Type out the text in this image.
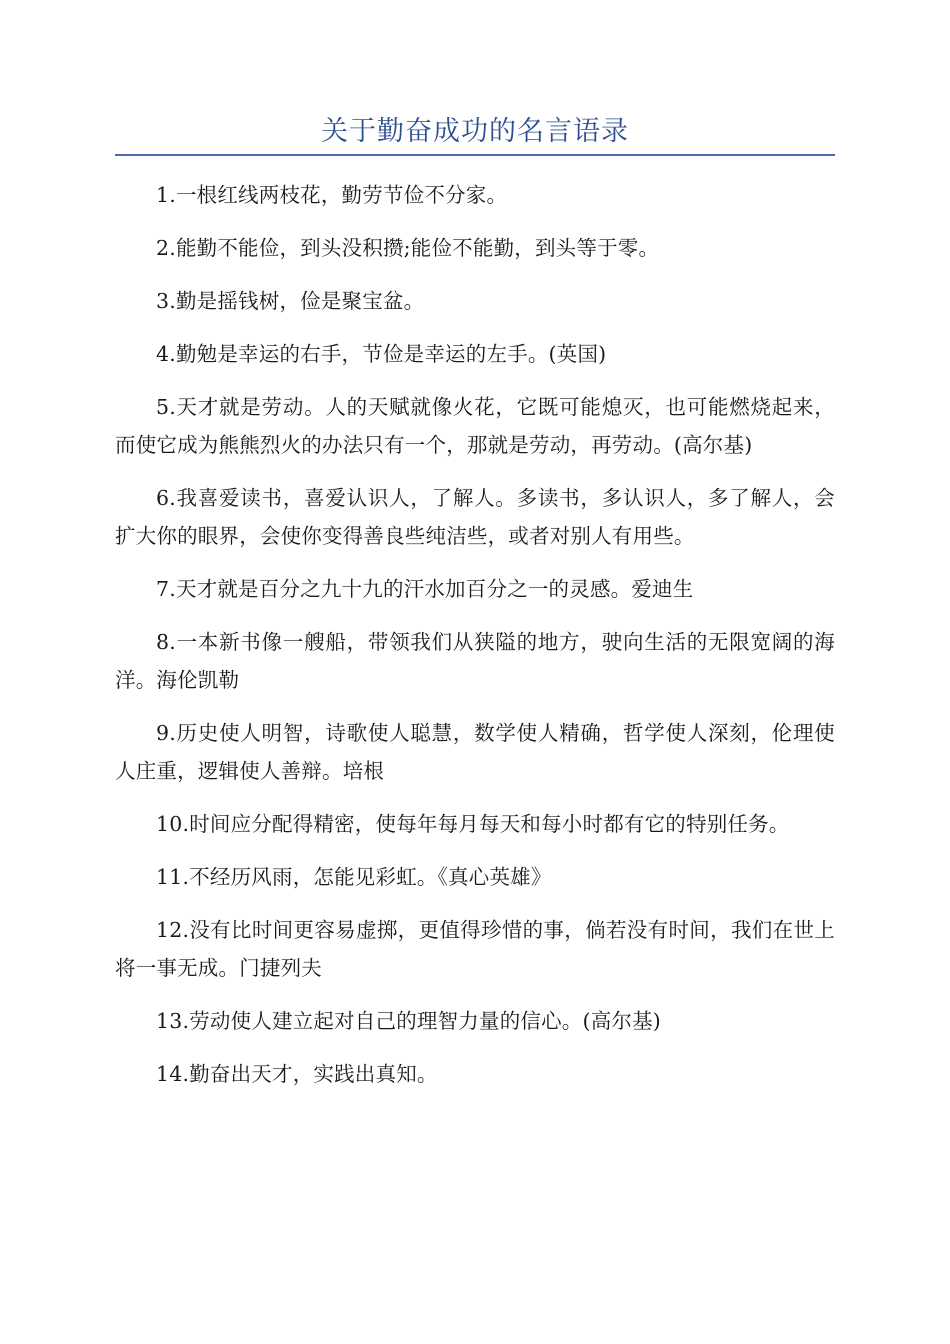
关于勤奋成功的名言语录

1.一根红线两枝花，勤劳节俭不分家。

2.能勤不能俭，到头没积攒;能俭不能勤，到头等于零。

3.勤是摇钱树，俭是聚宝盆。

4.勤勉是幸运的右手，节俭是幸运的左手。(英国)

5.天才就是劳动。人的天赋就像火花，它既可能熄灭，也可能燃烧起来，而使它成为熊熊烈火的办法只有一个，那就是劳动，再劳动。(高尔基)

6.我喜爱读书，喜爱认识人，了解人。多读书，多认识人，多了解人，会扩大你的眼界，会使你变得善良些纯洁些，或者对别人有用些。

7.天才就是百分之九十九的汗水加百分之一的灵感。爱迪生

8.一本新书像一艘船，带领我们从狭隘的地方，驶向生活的无限宽阔的海洋。海伦凯勒

9.历史使人明智，诗歌使人聪慧，数学使人精确，哲学使人深刻，伦理使人庄重，逻辑使人善辩。培根

10.时间应分配得精密，使每年每月每天和每小时都有它的特别任务。

11.不经历风雨，怎能见彩虹。《真心英雄》

12.没有比时间更容易虚掷，更值得珍惜的事，倘若没有时间，我们在世上将一事无成。门捷列夫

13.劳动使人建立起对自己的理智力量的信心。(高尔基)

14.勤奋出天才，实践出真知。
